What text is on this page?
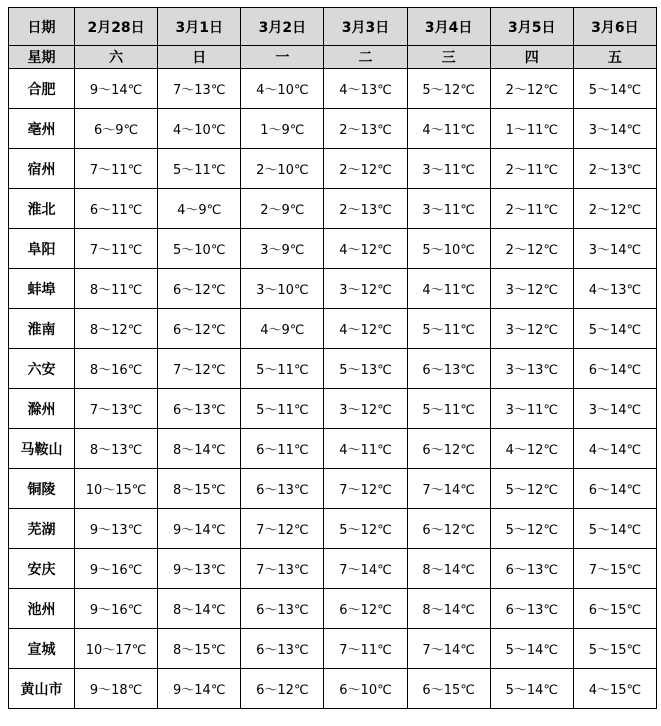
日期	2月28日	3月1日	3月2日	3月3日	3月4日	3月5日	3月6日
星期	六	日	一	二	三	四	五
合肥	9～14℃	7～13℃	4～10℃	4～13℃	5～12℃	2～12℃	5～14℃
亳州	6～9℃	4～10℃	1～9℃	2～13℃	4～11℃	1～11℃	3～14℃
宿州	7～11℃	5～11℃	2～10℃	2～12℃	3～11℃	2～11℃	2～13℃
淮北	6～11℃	4～9℃	2～9℃	2～13℃	3～11℃	2～11℃	2～12℃
阜阳	7～11℃	5～10℃	3～9℃	4～12℃	5～10℃	2～12℃	3～14℃
蚌埠	8～11℃	6～12℃	3～10℃	3～12℃	4～11℃	3～12℃	4～13℃
淮南	8～12℃	6～12℃	4～9℃	4～12℃	5～11℃	3～12℃	5～14℃
六安	8～16℃	7～12℃	5～11℃	5～13℃	6～13℃	3～13℃	6～14℃
滁州	7～13℃	6～13℃	5～11℃	3～12℃	5～11℃	3～11℃	3～14℃
马鞍山	8～13℃	8～14℃	6～11℃	4～11℃	6～12℃	4～12℃	4～14℃
铜陵	10～15℃	8～15℃	6～13℃	7～12℃	7～14℃	5～12℃	6～14℃
芜湖	9～13℃	9～14℃	7～12℃	5～12℃	6～12℃	5～12℃	5～14℃
安庆	9～16℃	9～13℃	7～13℃	7～14℃	8～14℃	6～13℃	7～15℃
池州	9～16℃	8～14℃	6～13℃	6～12℃	8～14℃	6～13℃	6～15℃
宣城	10～17℃	8～15℃	6～13℃	7～11℃	7～14℃	5～14℃	5～15℃
黄山市	9～18℃	9～14℃	6～12℃	6～10℃	6～15℃	5～14℃	4～15℃
